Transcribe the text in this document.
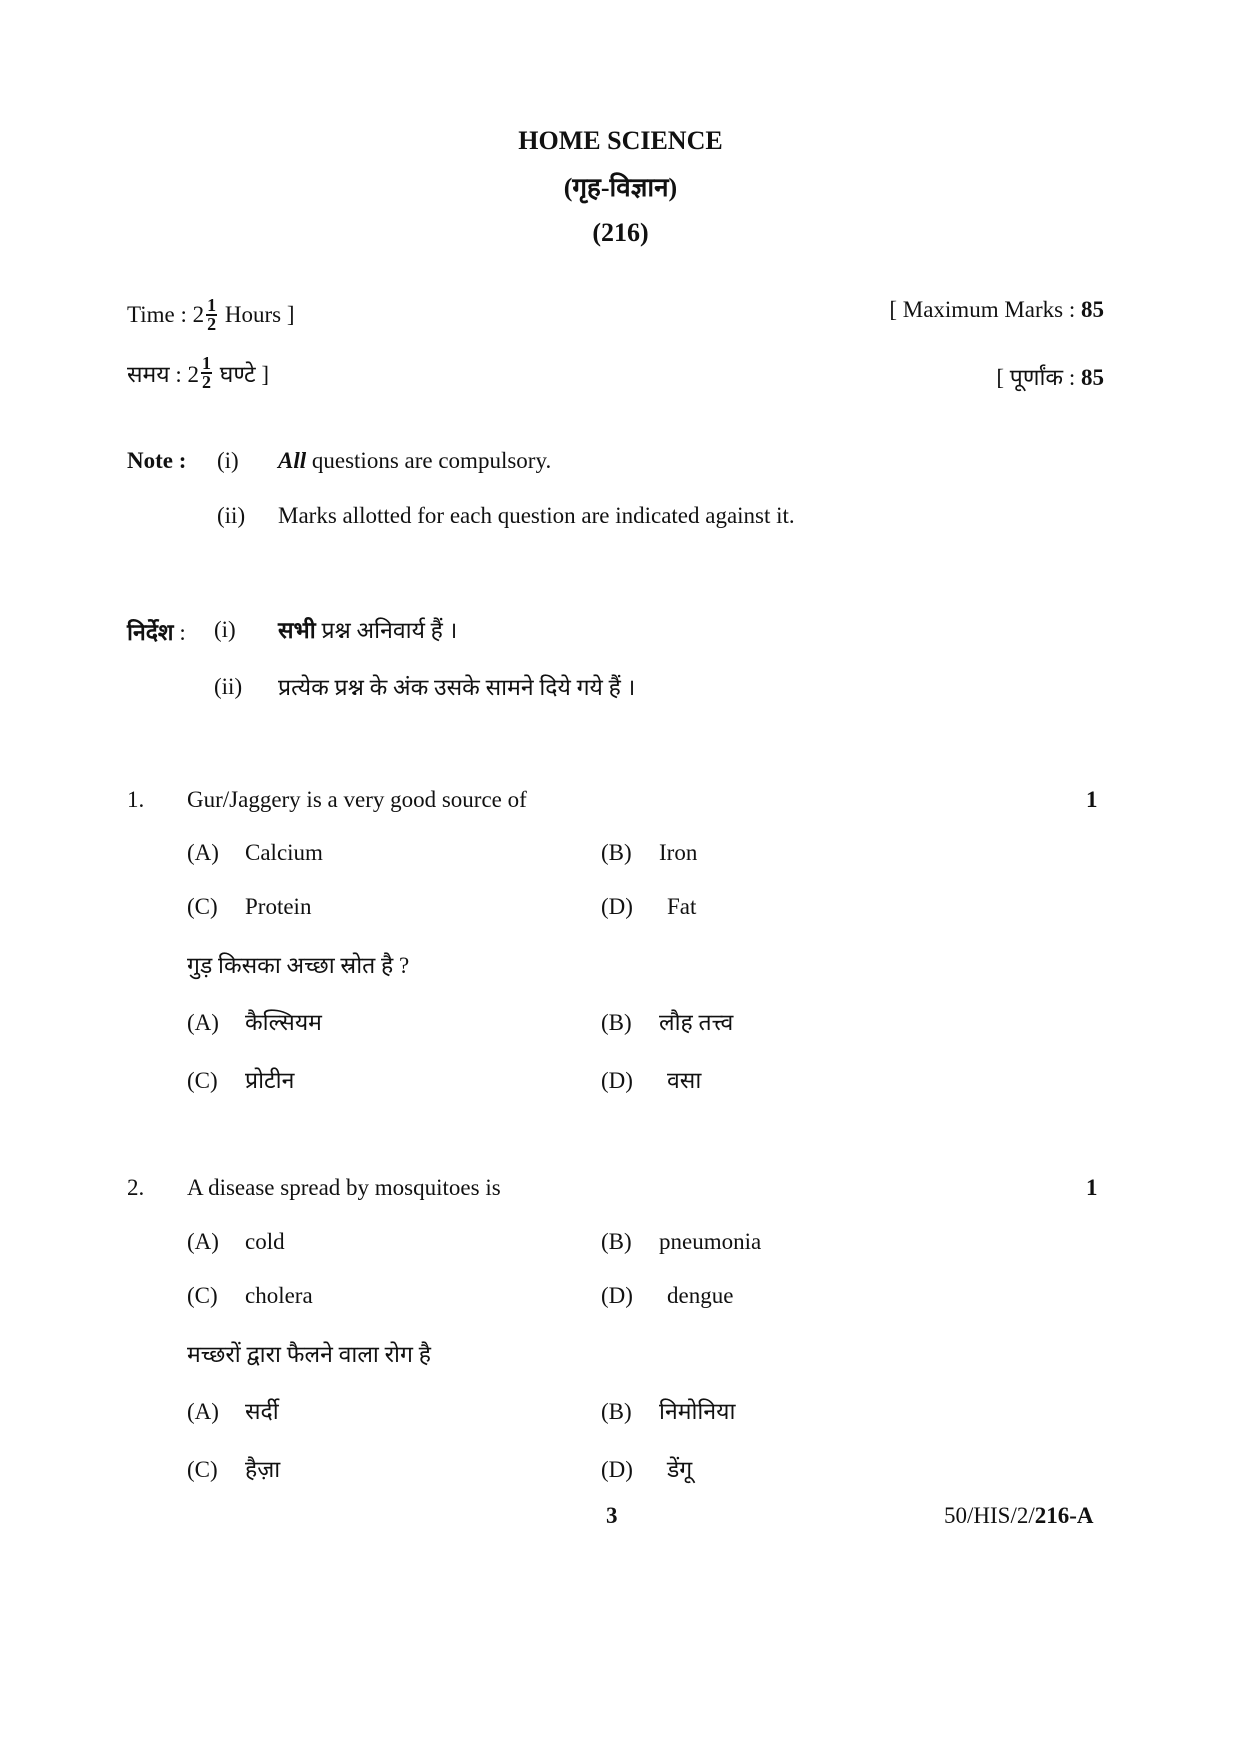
HOME SCIENCE
(गृह-विज्ञान)
(216)
Time : $2 \frac{1}{2}$ Hours ]	[ Maximum Marks : 85
समय : $2 \frac{1}{2}$ घण्टे ]	[ पूर्णांक : 85
Note : (i) All questions are compulsory.
(ii) Marks allotted for each question are indicated against it.
निर्देश : (i) सभी प्रश्न अनिवार्य हैं ।
(ii) प्रत्येक प्रश्न के अंक उसके सामने दिये गये हैं ।
1. Gur/Jaggery is a very good source of	1
(A) Calcium	(B) Iron
(C) Protein	(D) Fat
गुड़ किसका अच्छा स्रोत है ?
(A) कैल्सियम	(B) लौह तत्त्व
(C) प्रोटीन	(D) वसा
2. A disease spread by mosquitoes is	1
(A) cold	(B) pneumonia
(C) cholera	(D) dengue
मच्छरों द्वारा फैलने वाला रोग है
(A) सर्दी	(B) निमोनिया
(C) हैज़ा	(D) डेंगू
3	50/HIS/2/216-A
